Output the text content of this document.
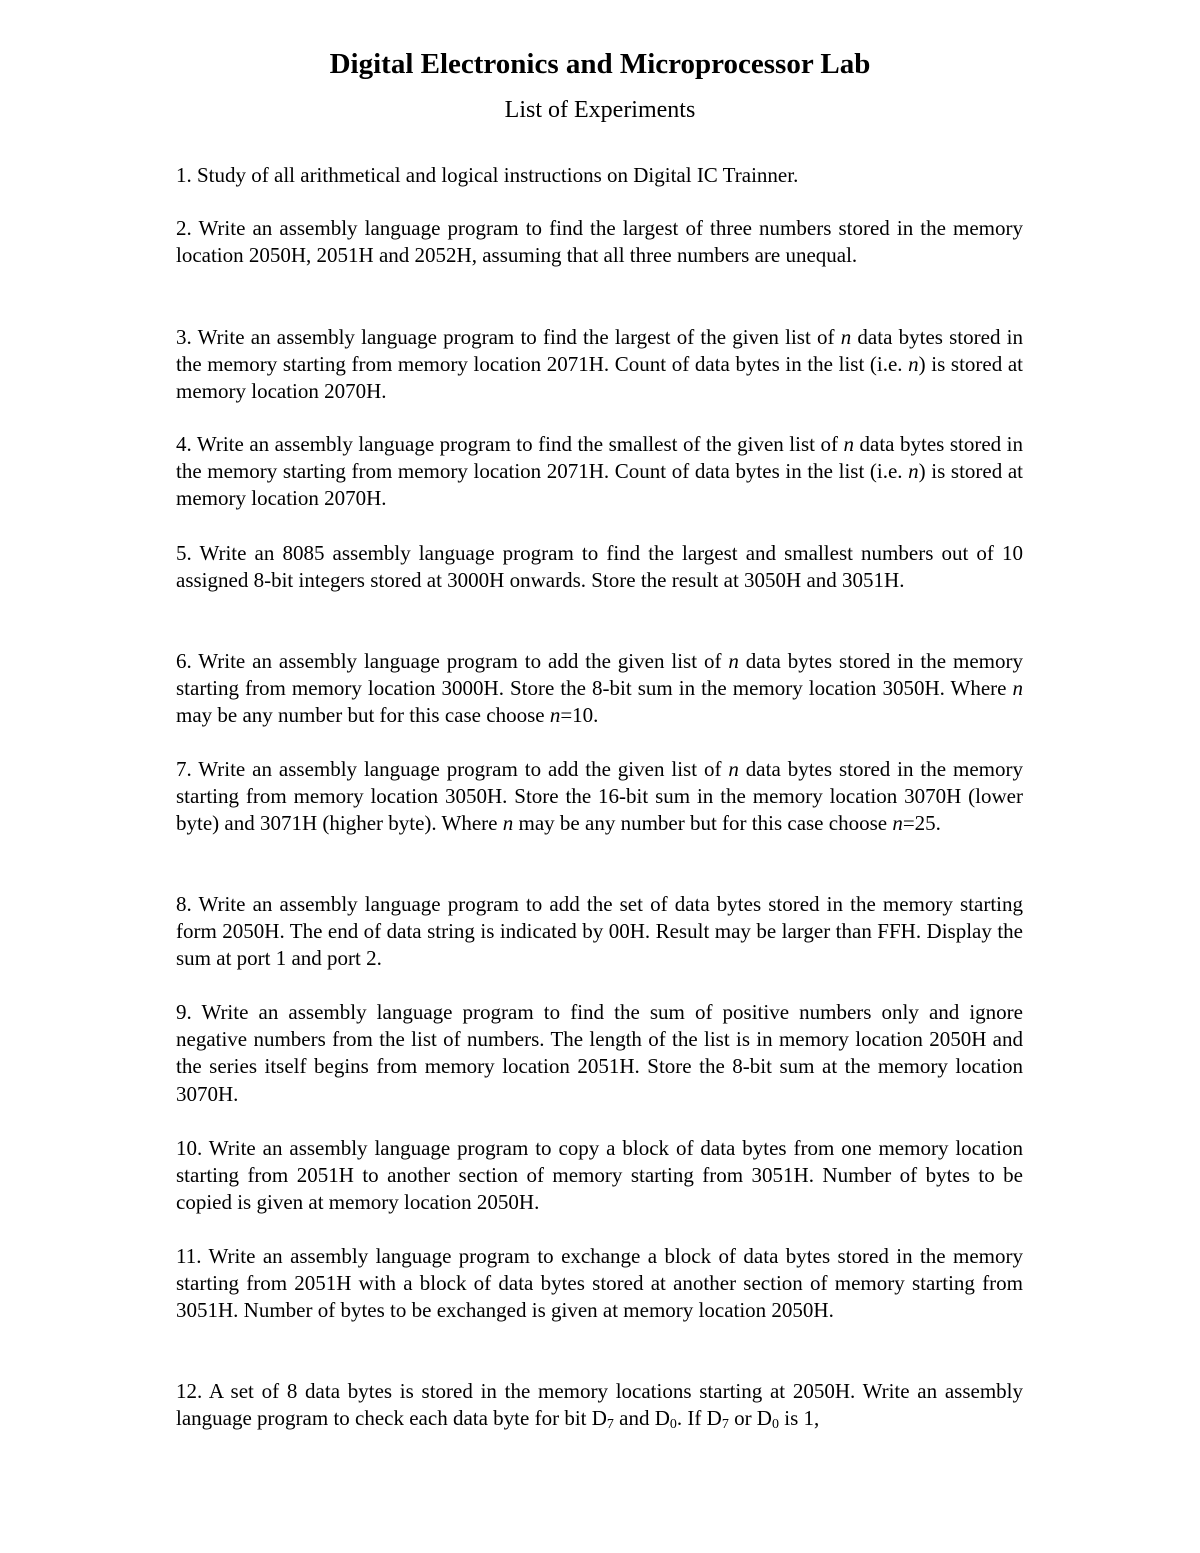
Digital Electronics and Microprocessor Lab
List of Experiments
1. Study of all arithmetical and logical instructions on Digital IC Trainner.
2. Write an assembly language program to find the largest of three numbers stored in the memory location 2050H, 2051H and 2052H, assuming that all three numbers are unequal.
3. Write an assembly language program to find the largest of the given list of n data bytes stored in the memory starting from memory location 2071H. Count of data bytes in the list (i.e. n) is stored at memory location 2070H.
4. Write an assembly language program to find the smallest of the given list of n data bytes stored in the memory starting from memory location 2071H. Count of data bytes in the list (i.e. n) is stored at memory location 2070H.
5. Write an 8085 assembly language program to find the largest and smallest numbers out of 10 assigned 8-bit integers stored at 3000H onwards. Store the result at 3050H and 3051H.
6. Write an assembly language program to add the given list of n data bytes stored in the memory starting from memory location 3000H. Store the 8-bit sum in the memory location 3050H. Where n may be any number but for this case choose n=10.
7. Write an assembly language program to add the given list of n data bytes stored in the memory starting from memory location 3050H. Store the 16-bit sum in the memory location 3070H (lower byte) and 3071H (higher byte). Where n may be any number but for this case choose n=25.
8. Write an assembly language program to add the set of data bytes stored in the memory starting form 2050H. The end of data string is indicated by 00H. Result may be larger than FFH. Display the sum at port 1 and port 2.
9. Write an assembly language program to find the sum of positive numbers only and ignore negative numbers from the list of numbers. The length of the list is in memory location 2050H and the series itself begins from memory location 2051H. Store the 8-bit sum at the memory location 3070H.
10. Write an assembly language program to copy a block of data bytes from one memory location starting from 2051H to another section of memory starting from 3051H. Number of bytes to be copied is given at memory location 2050H.
11. Write an assembly language program to exchange a block of data bytes stored in the memory starting from 2051H with a block of data bytes stored at another section of memory starting from 3051H. Number of bytes to be exchanged is given at memory location 2050H.
12. A set of 8 data bytes is stored in the memory locations starting at 2050H. Write an assembly language program to check each data byte for bit $D_7$ and $D_0$. If $D_7$ or $D_0$ is 1,
